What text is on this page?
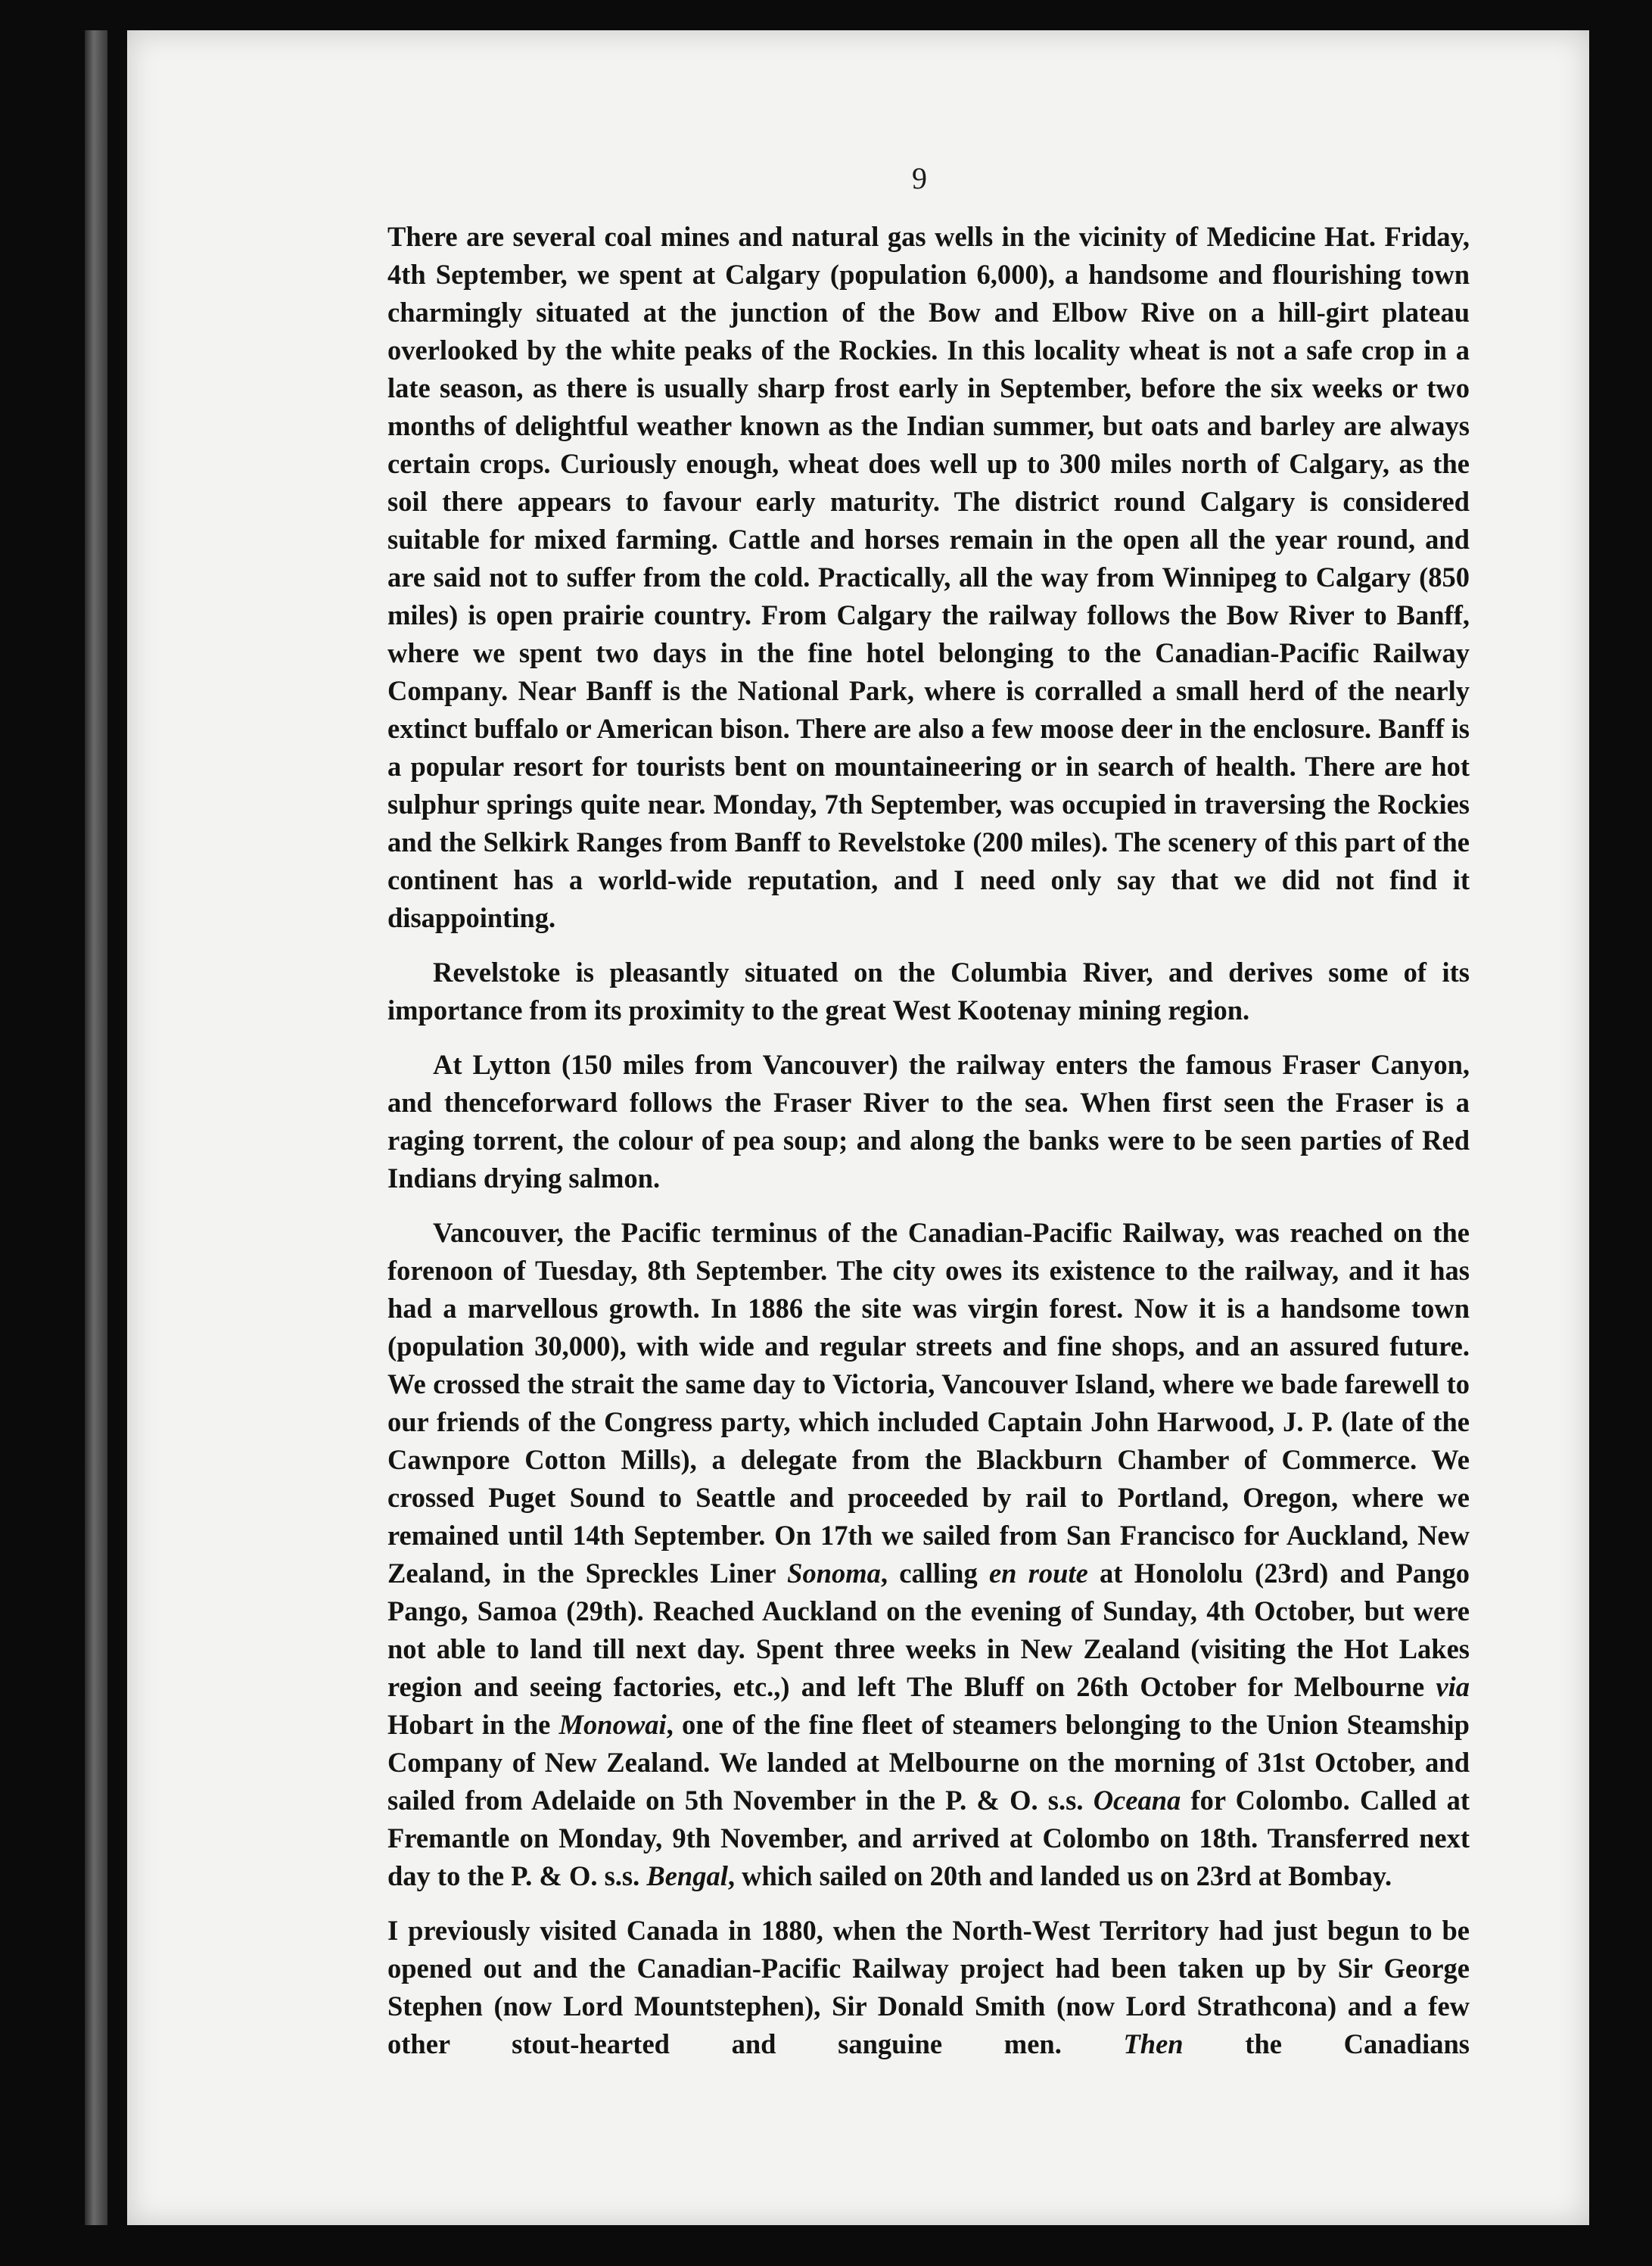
9

There are several coal mines and natural gas wells in the vicinity of Medicine Hat. Friday, 4th September, we spent at Calgary (population 6,000), a handsome and flourishing town charmingly situated at the junction of the Bow and Elbow Rive on a hill-girt plateau overlooked by the white peaks of the Rockies. In this locality wheat is not a safe crop in a late season, as there is usually sharp frost early in September, before the six weeks or two months of delightful weather known as the Indian summer, but oats and barley are always certain crops. Curiously enough, wheat does well up to 300 miles north of Calgary, as the soil there appears to favour early maturity. The district round Calgary is considered suitable for mixed farming. Cattle and horses remain in the open all the year round, and are said not to suffer from the cold. Practically, all the way from Winnipeg to Calgary (850 miles) is open prairie country. From Calgary the railway follows the Bow River to Banff, where we spent two days in the fine hotel belonging to the Canadian-Pacific Railway Company. Near Banff is the National Park, where is corralled a small herd of the nearly extinct buffalo or American bison. There are also a few moose deer in the enclosure. Banff is a popular resort for tourists bent on mountaineering or in search of health. There are hot sulphur springs quite near. Monday, 7th September, was occupied in traversing the Rockies and the Selkirk Ranges from Banff to Revelstoke (200 miles). The scenery of this part of the continent has a world-wide reputation, and I need only say that we did not find it disappointing.

Revelstoke is pleasantly situated on the Columbia River, and derives some of its importance from its proximity to the great West Kootenay mining region.

At Lytton (150 miles from Vancouver) the railway enters the famous Fraser Canyon, and thenceforward follows the Fraser River to the sea. When first seen the Fraser is a raging torrent, the colour of pea soup; and along the banks were to be seen parties of Red Indians drying salmon.

Vancouver, the Pacific terminus of the Canadian-Pacific Railway, was reached on the forenoon of Tuesday, 8th September. The city owes its existence to the railway, and it has had a marvellous growth. In 1886 the site was virgin forest. Now it is a handsome town (population 30,000), with wide and regular streets and fine shops, and an assured future. We crossed the strait the same day to Victoria, Vancouver Island, where we bade farewell to our friends of the Congress party, which included Captain John Harwood, J. P. (late of the Cawnpore Cotton Mills), a delegate from the Blackburn Chamber of Commerce. We crossed Puget Sound to Seattle and proceeded by rail to Portland, Oregon, where we remained until 14th September. On 17th we sailed from San Francisco for Auckland, New Zealand, in the Spreckles Liner Sonoma, calling en route at Honololu (23rd) and Pango Pango, Samoa (29th). Reached Auckland on the evening of Sunday, 4th October, but were not able to land till next day. Spent three weeks in New Zealand (visiting the Hot Lakes region and seeing factories, etc.,) and left The Bluff on 26th October for Melbourne via Hobart in the Monowai, one of the fine fleet of steamers belonging to the Union Steamship Company of New Zealand. We landed at Melbourne on the morning of 31st October, and sailed from Adelaide on 5th November in the P. & O. s.s. Oceana for Colombo. Called at Fremantle on Monday, 9th November, and arrived at Colombo on 18th. Transferred next day to the P. & O. s.s. Bengal, which sailed on 20th and landed us on 23rd at Bombay.

I previously visited Canada in 1880, when the North-West Territory had just begun to be opened out and the Canadian-Pacific Railway project had been taken up by Sir George Stephen (now Lord Mountstephen), Sir Donald Smith (now Lord Strathcona) and a few other stout-hearted and sanguine men. Then the Canadians
